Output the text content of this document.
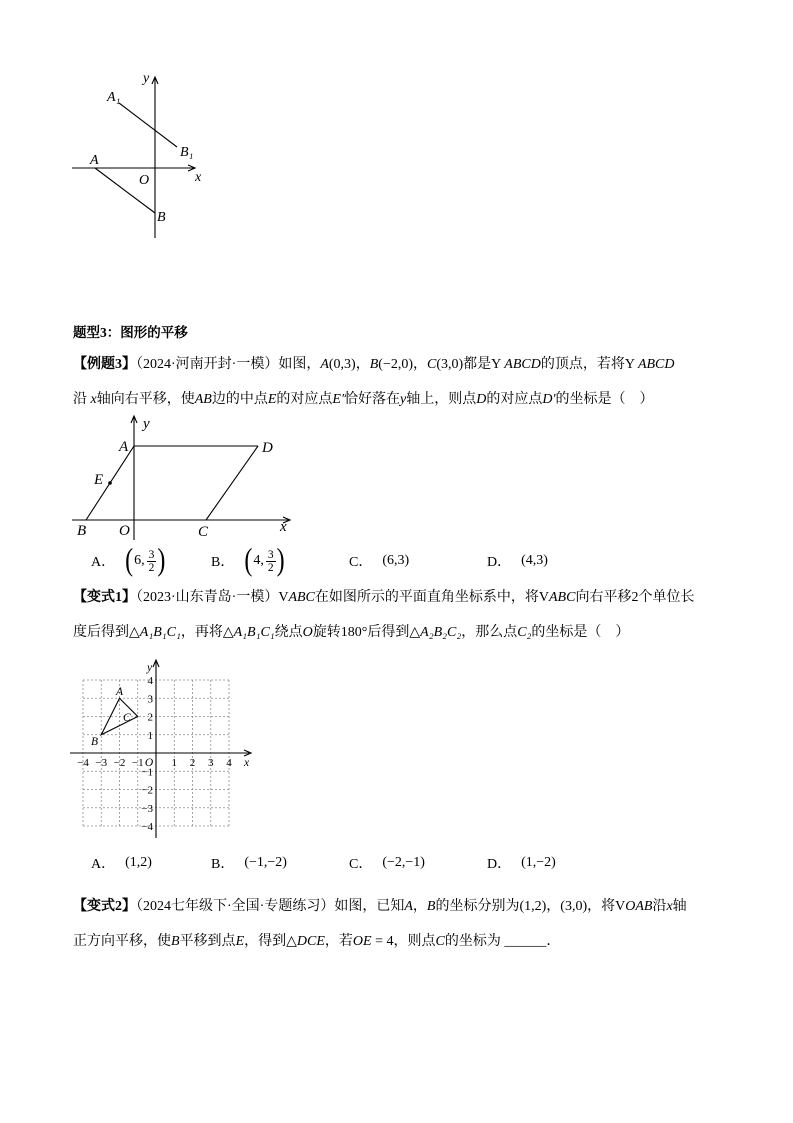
y
x
A₁
B₁
A
O
B
题型3：图形的平移
【例题3】（2024·河南开封·一模）如图，A(0,3)，B(−2,0)，C(3,0)都是Y ABCD的顶点，若将Y ABCD
沿 x轴向右平移，使AB边的中点E的对应点E′恰好落在y轴上，则点D的对应点D′的坐标是（    ）
y
A	D
E
B O	C	x
A． ( 6, $\frac{3}{2}$ )	B． ( 4, $\frac{3}{2}$ )	C． (6,3)	D． (4,3)
【变式1】（2023·山东青岛·一模）VABC在如图所示的平面直角坐标系中，将VABC向右平移2个单位长
度后得到△A₁B₁C₁，再将△A₁B₁C₁绕点O旋转180°后得到△A₂B₂C₂，那么点C₂的坐标是（    ）
y
x
A
B
C
O
−4 −3 −2 −1	1 2 3 4
4
3
2
1
−1
−2
−3
−4
A． (1,2)	B． (−1,−2)	C． (−2,−1)	D． (1,−2)
【变式2】（2024七年级下·全国·专题练习）如图，已知A，B的坐标分别为(1,2)，(3,0)，将VOAB沿x轴
正方向平移，使B平移到点E，得到△DCE，若OE = 4，则点C的坐标为 ______．
